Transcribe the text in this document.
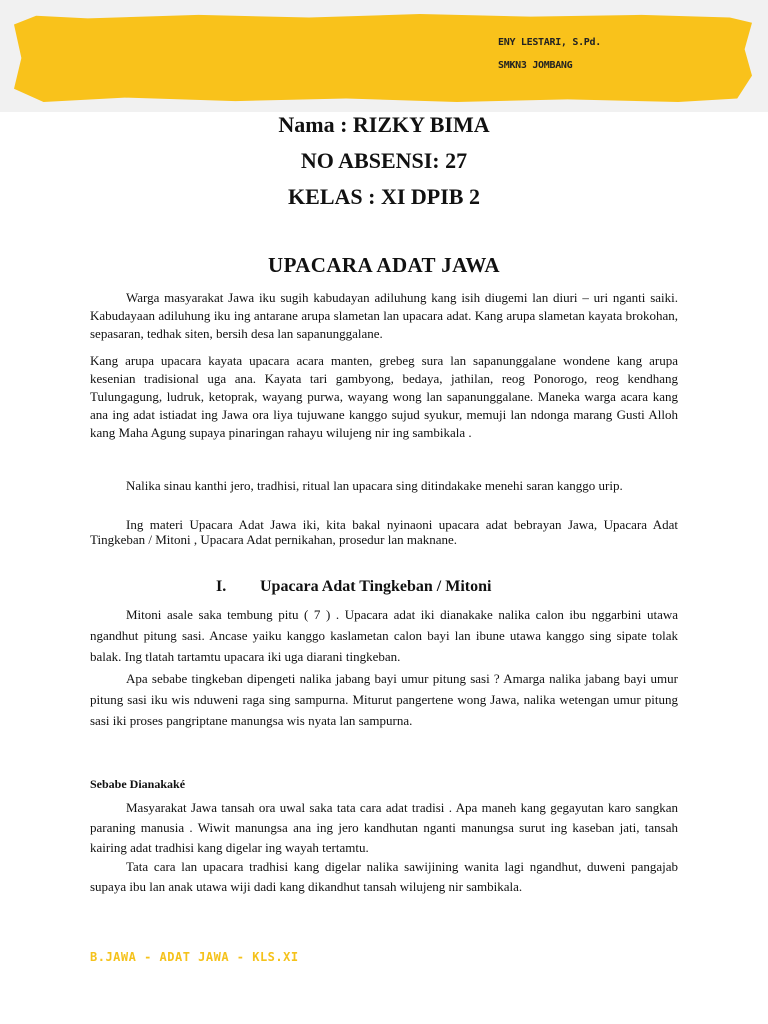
ENY LESTARI, S.Pd.
SMKN3 JOMBANG
Nama : RIZKY BIMA
NO ABSENSI: 27
KELAS : XI DPIB 2
UPACARA ADAT JAWA

Warga masyarakat Jawa iku sugih kabudayan adiluhung kang isih diugemi lan diuri – uri nganti saiki. Kabudayaan adiluhung iku ing antarane arupa slametan lan upacara adat. Kang arupa slametan kayata brokohan, sepasaran, tedhak siten, bersih desa lan sapanunggalane.

Kang arupa upacara kayata upacara acara manten, grebeg sura lan sapanunggalane wondene kang arupa kesenian tradisional uga ana. Kayata tari gambyong, bedaya, jathilan, reog Ponorogo, reog kendhang Tulungagung, ludruk, ketoprak, wayang purwa, wayang wong lan sapanunggalane. Maneka warga acara kang ana ing adat istiadat ing Jawa ora liya tujuwane kanggo sujud syukur, memuji lan ndonga marang Gusti Alloh kang Maha Agung supaya pinaringan rahayu wilujeng nir ing sambikala .

Nalika sinau kanthi jero, tradhisi, ritual lan upacara sing ditindakake menehi saran kanggo urip.

Ing materi Upacara Adat Jawa iki, kita bakal nyinaoni upacara adat bebrayan Jawa, Upacara Adat Tingkeban / Mitoni , Upacara Adat pernikahan, prosedur lan maknane.

I. Upacara Adat Tingkeban / Mitoni

Mitoni asale saka tembung pitu ( 7 ) . Upacara adat iki dianakake nalika calon ibu nggarbini utawa ngandhut pitung sasi. Ancase yaiku kanggo kaslametan calon bayi lan ibune utawa kanggo sing sipate tolak balak. Ing tlatah tartamtu upacara iki uga diarani tingkeban.

Apa sebabe tingkeban dipengeti nalika jabang bayi umur pitung sasi ? Amarga nalika jabang bayi umur pitung sasi iku wis nduweni raga sing sampurna. Miturut pangertene wong Jawa, nalika wetengan umur pitung sasi iki proses pangriptane manungsa wis nyata lan sampurna.

Sebabe Dianakaké

Masyarakat Jawa tansah ora uwal saka tata cara adat tradisi . Apa maneh kang gegayutan karo sangkan paraning manusia . Wiwit manungsa ana ing jero kandhutan nganti manungsa surut ing kaseban jati, tansah kairing adat tradhisi kang digelar ing wayah tertamtu.

Tata cara lan upacara tradhisi kang digelar nalika sawijining wanita lagi ngandhut, duweni pangajab supaya ibu lan anak utawa wiji dadi kang dikandhut tansah wilujeng nir sambikala.

B.JAWA - ADAT JAWA - KLS.XI
